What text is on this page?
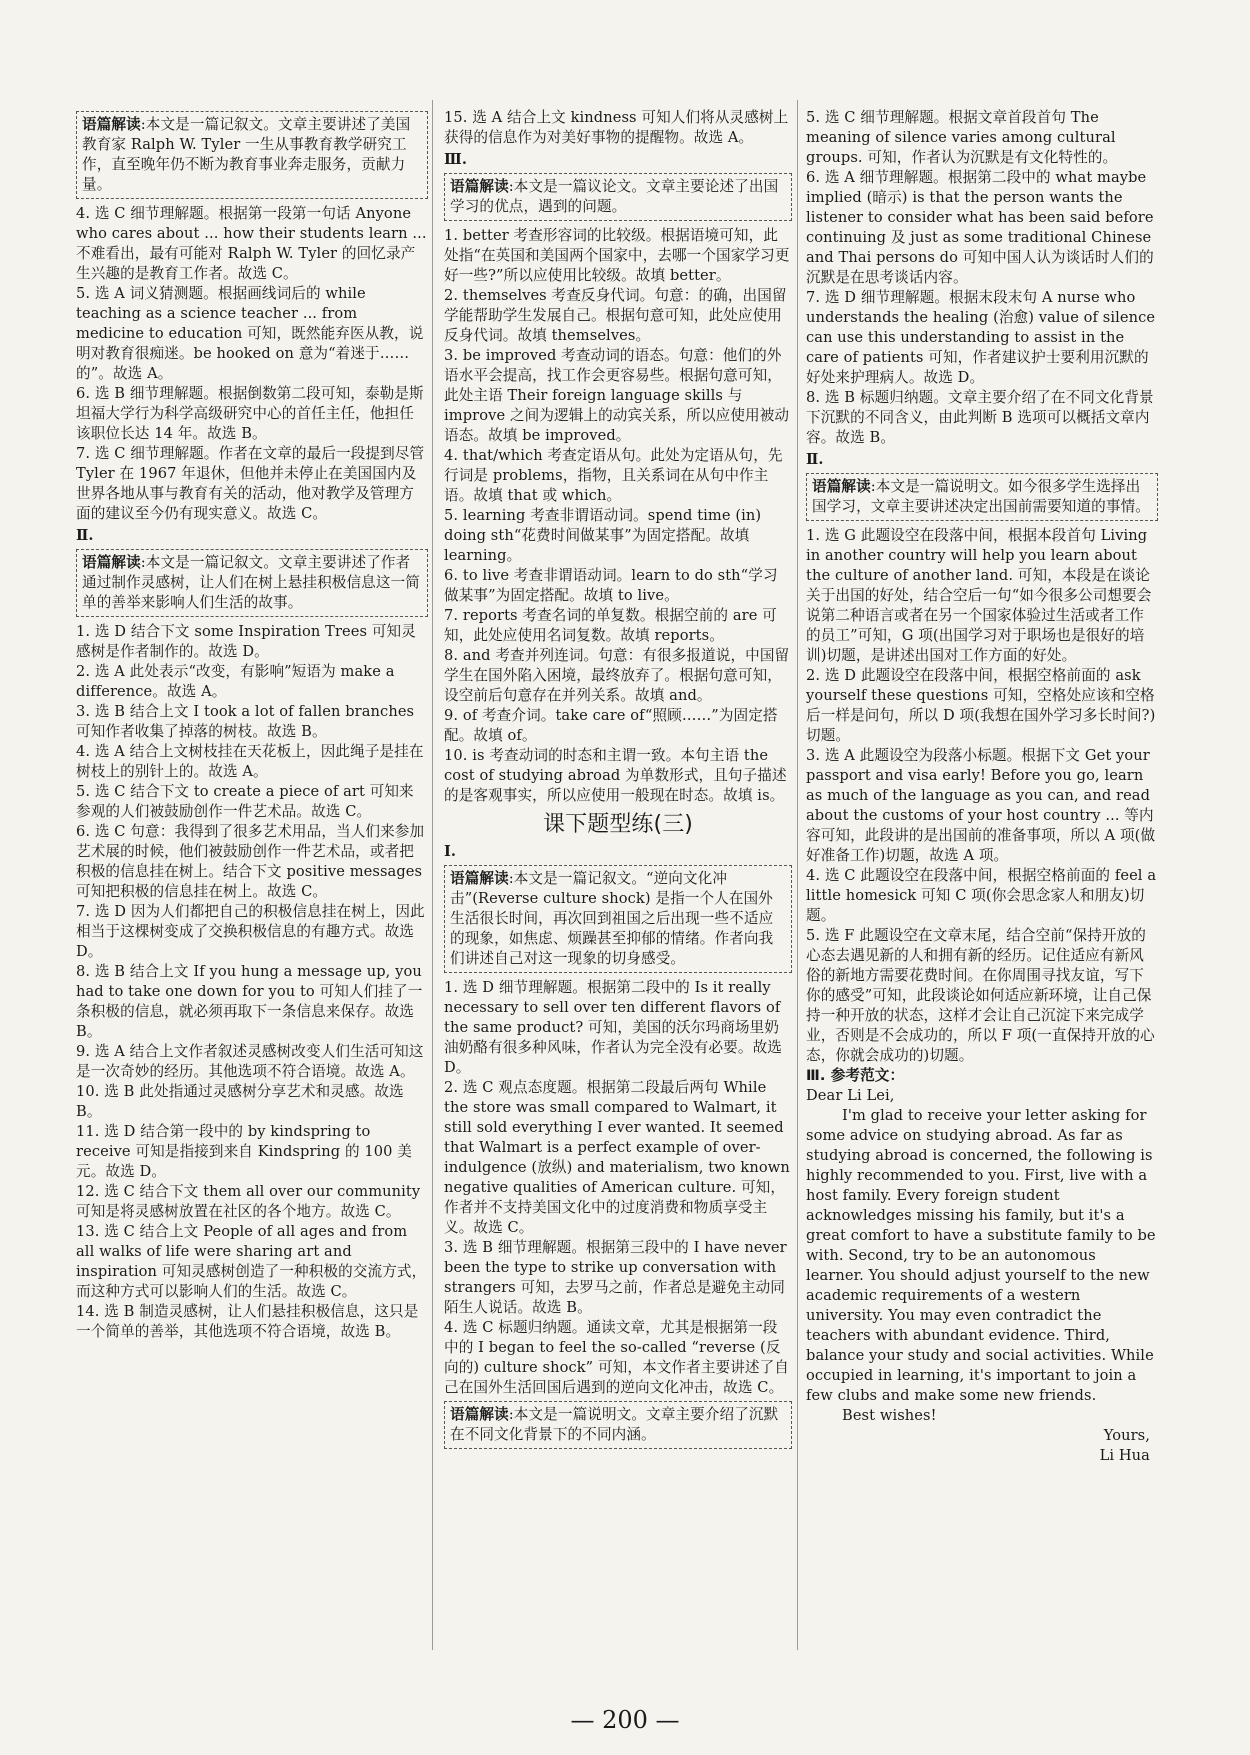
语篇解读:本文是一篇记叙文。文章主要讲述了美国教育家 Ralph W. Tyler 一生从事教育教学研究工作，直至晚年仍不断为教育事业奔走服务，贡献力量。

4. 选 C 细节理解题。根据第一段第一句话 Anyone who cares about ... how their students learn ... 不难看出，最有可能对 Ralph W. Tyler 的回忆录产生兴趣的是教育工作者。故选 C。

5. 选 A 词义猜测题。根据画线词后的 while teaching as a science teacher ... from medicine to education 可知，既然能弃医从教，说明对教育很痴迷。be hooked on 意为“着迷于……的”。故选 A。

6. 选 B 细节理解题。根据倒数第二段可知，泰勒是斯坦福大学行为科学高级研究中心的首任主任，他担任该职位长达 14 年。故选 B。

7. 选 C 细节理解题。作者在文章的最后一段提到尽管 Tyler 在 1967 年退休，但他并未停止在美国国内及世界各地从事与教育有关的活动，他对教学及管理方面的建议至今仍有现实意义。故选 C。

Ⅱ.
语篇解读:本文是一篇记叙文。文章主要讲述了作者通过制作灵感树，让人们在树上悬挂积极信息这一简单的善举来影响人们生活的故事。

1. 选 D 结合下文 some Inspiration Trees 可知灵感树是作者制作的。故选 D。

2. 选 A 此处表示“改变，有影响”短语为 make a difference。故选 A。

3. 选 B 结合上文 I took a lot of fallen branches 可知作者收集了掉落的树枝。故选 B。

4. 选 A 结合上文树枝挂在天花板上，因此绳子是挂在树枝上的别针上的。故选 A。

5. 选 C 结合下文 to create a piece of art 可知来参观的人们被鼓励创作一件艺术品。故选 C。

6. 选 C 句意：我得到了很多艺术用品，当人们来参加艺术展的时候，他们被鼓励创作一件艺术品，或者把积极的信息挂在树上。结合下文 positive messages 可知把积极的信息挂在树上。故选 C。

7. 选 D 因为人们都把自己的积极信息挂在树上，因此相当于这棵树变成了交换积极信息的有趣方式。故选 D。

8. 选 B 结合上文 If you hung a message up, you had to take one down for you to 可知人们挂了一条积极的信息，就必须再取下一条信息来保存。故选 B。

9. 选 A 结合上文作者叙述灵感树改变人们生活可知这是一次奇妙的经历。其他选项不符合语境。故选 A。

10. 选 B 此处指通过灵感树分享艺术和灵感。故选 B。

11. 选 D 结合第一段中的 by kindspring to receive 可知是指接到来自 Kindspring 的 100 美元。故选 D。

12. 选 C 结合下文 them all over our community 可知是将灵感树放置在社区的各个地方。故选 C。

13. 选 C 结合上文 People of all ages and from all walks of life were sharing art and inspiration 可知灵感树创造了一种积极的交流方式，而这种方式可以影响人们的生活。故选 C。

14. 选 B 制造灵感树，让人们悬挂积极信息，这只是一个简单的善举，其他选项不符合语境，故选 B。

15. 选 A 结合上文 kindness 可知人们将从灵感树上获得的信息作为对美好事物的提醒物。故选 A。

Ⅲ.
语篇解读:本文是一篇议论文。文章主要论述了出国学习的优点，遇到的问题。

1. better 考查形容词的比较级。根据语境可知，此处指“在英国和美国两个国家中，去哪一个国家学习更好一些?”所以应使用比较级。故填 better。

2. themselves 考查反身代词。句意：的确，出国留学能帮助学生发展自己。根据句意可知，此处应使用反身代词。故填 themselves。

3. be improved 考查动词的语态。句意：他们的外语水平会提高，找工作会更容易些。根据句意可知，此处主语 Their foreign language skills 与 improve 之间为逻辑上的动宾关系，所以应使用被动语态。故填 be improved。

4. that/which 考查定语从句。此处为定语从句，先行词是 problems，指物，且关系词在从句中作主语。故填 that 或 which。

5. learning 考查非谓语动词。spend time (in) doing sth“花费时间做某事”为固定搭配。故填 learning。

6. to live 考查非谓语动词。learn to do sth“学习做某事”为固定搭配。故填 to live。

7. reports 考查名词的单复数。根据空前的 are 可知，此处应使用名词复数。故填 reports。

8. and 考查并列连词。句意：有很多报道说，中国留学生在国外陷入困境，最终放弃了。根据句意可知，设空前后句意存在并列关系。故填 and。

9. of 考查介词。take care of“照顾……”为固定搭配。故填 of。

10. is 考查动词的时态和主谓一致。本句主语 the cost of studying abroad 为单数形式，且句子描述的是客观事实，所以应使用一般现在时态。故填 is。

课下题型练(三)
Ⅰ.
语篇解读:本文是一篇记叙文。“逆向文化冲击”(Reverse culture shock) 是指一个人在国外生活很长时间，再次回到祖国之后出现一些不适应的现象，如焦虑、烦躁甚至抑郁的情绪。作者向我们讲述自己对这一现象的切身感受。

1. 选 D 细节理解题。根据第二段中的 Is it really necessary to sell over ten different flavors of the same product? 可知，美国的沃尔玛商场里奶油奶酪有很多种风味，作者认为完全没有必要。故选 D。

2. 选 C 观点态度题。根据第二段最后两句 While the store was small compared to Walmart, it still sold everything I ever wanted. It seemed that Walmart is a perfect example of over-indulgence (放纵) and materialism, two known negative qualities of American culture. 可知，作者并不支持美国文化中的过度消费和物质享受主义。故选 C。

3. 选 B 细节理解题。根据第三段中的 I have never been the type to strike up conversation with strangers 可知，去罗马之前，作者总是避免主动同陌生人说话。故选 B。

4. 选 C 标题归纳题。通读文章，尤其是根据第一段中的 I began to feel the so-called “reverse (反向的) culture shock” 可知，本文作者主要讲述了自己在国外生活回国后遇到的逆向文化冲击，故选 C。

语篇解读:本文是一篇说明文。文章主要介绍了沉默在不同文化背景下的不同内涵。

5. 选 C 细节理解题。根据文章首段首句 The meaning of silence varies among cultural groups. 可知，作者认为沉默是有文化特性的。

6. 选 A 细节理解题。根据第二段中的 what maybe implied (暗示) is that the person wants the listener to consider what has been said before continuing 及 just as some traditional Chinese and Thai persons do 可知中国人认为谈话时人们的沉默是在思考谈话内容。

7. 选 D 细节理解题。根据末段末句 A nurse who understands the healing (治愈) value of silence can use this understanding to assist in the care of patients 可知，作者建议护士要利用沉默的好处来护理病人。故选 D。

8. 选 B 标题归纳题。文章主要介绍了在不同文化背景下沉默的不同含义，由此判断 B 选项可以概括文章内容。故选 B。

Ⅱ.
语篇解读:本文是一篇说明文。如今很多学生选择出国学习，文章主要讲述决定出国前需要知道的事情。

1. 选 G 此题设空在段落中间，根据本段首句 Living in another country will help you learn about the culture of another land. 可知，本段是在谈论关于出国的好处，结合空后一句“如今很多公司想要会说第二种语言或者在另一个国家体验过生活或者工作的员工”可知，G 项(出国学习对于职场也是很好的培训)切题，是讲述出国对工作方面的好处。

2. 选 D 此题设空在段落中间，根据空格前面的 ask yourself these questions 可知，空格处应该和空格后一样是问句，所以 D 项(我想在国外学习多长时间?)切题。

3. 选 A 此题设空为段落小标题。根据下文 Get your passport and visa early! Before you go, learn as much of the language as you can, and read about the customs of your host country ... 等内容可知，此段讲的是出国前的准备事项，所以 A 项(做好准备工作)切题，故选 A 项。

4. 选 C 此题设空在段落中间，根据空格前面的 feel a little homesick 可知 C 项(你会思念家人和朋友)切题。

5. 选 F 此题设空在文章末尾，结合空前“保持开放的心态去遇见新的人和拥有新的经历。记住适应有新风俗的新地方需要花费时间。在你周围寻找友谊，写下你的感受”可知，此段谈论如何适应新环境，让自己保持一种开放的状态，这样才会让自己沉淀下来完成学业，否则是不会成功的，所以 F 项(一直保持开放的心态，你就会成功的)切题。

Ⅲ. 参考范文：

Dear Li Lei,

I'm glad to receive your letter asking for some advice on studying abroad. As far as studying abroad is concerned, the following is highly recommended to you. First, live with a host family. Every foreign student acknowledges missing his family, but it's a great comfort to have a substitute family to be with. Second, try to be an autonomous learner. You should adjust yourself to the new academic requirements of a western university. You may even contradict the teachers with abundant evidence. Third, balance your study and social activities. While occupied in learning, it's important to join a few clubs and make some new friends.

Best wishes!

Yours,

Li Hua

— 200 —
